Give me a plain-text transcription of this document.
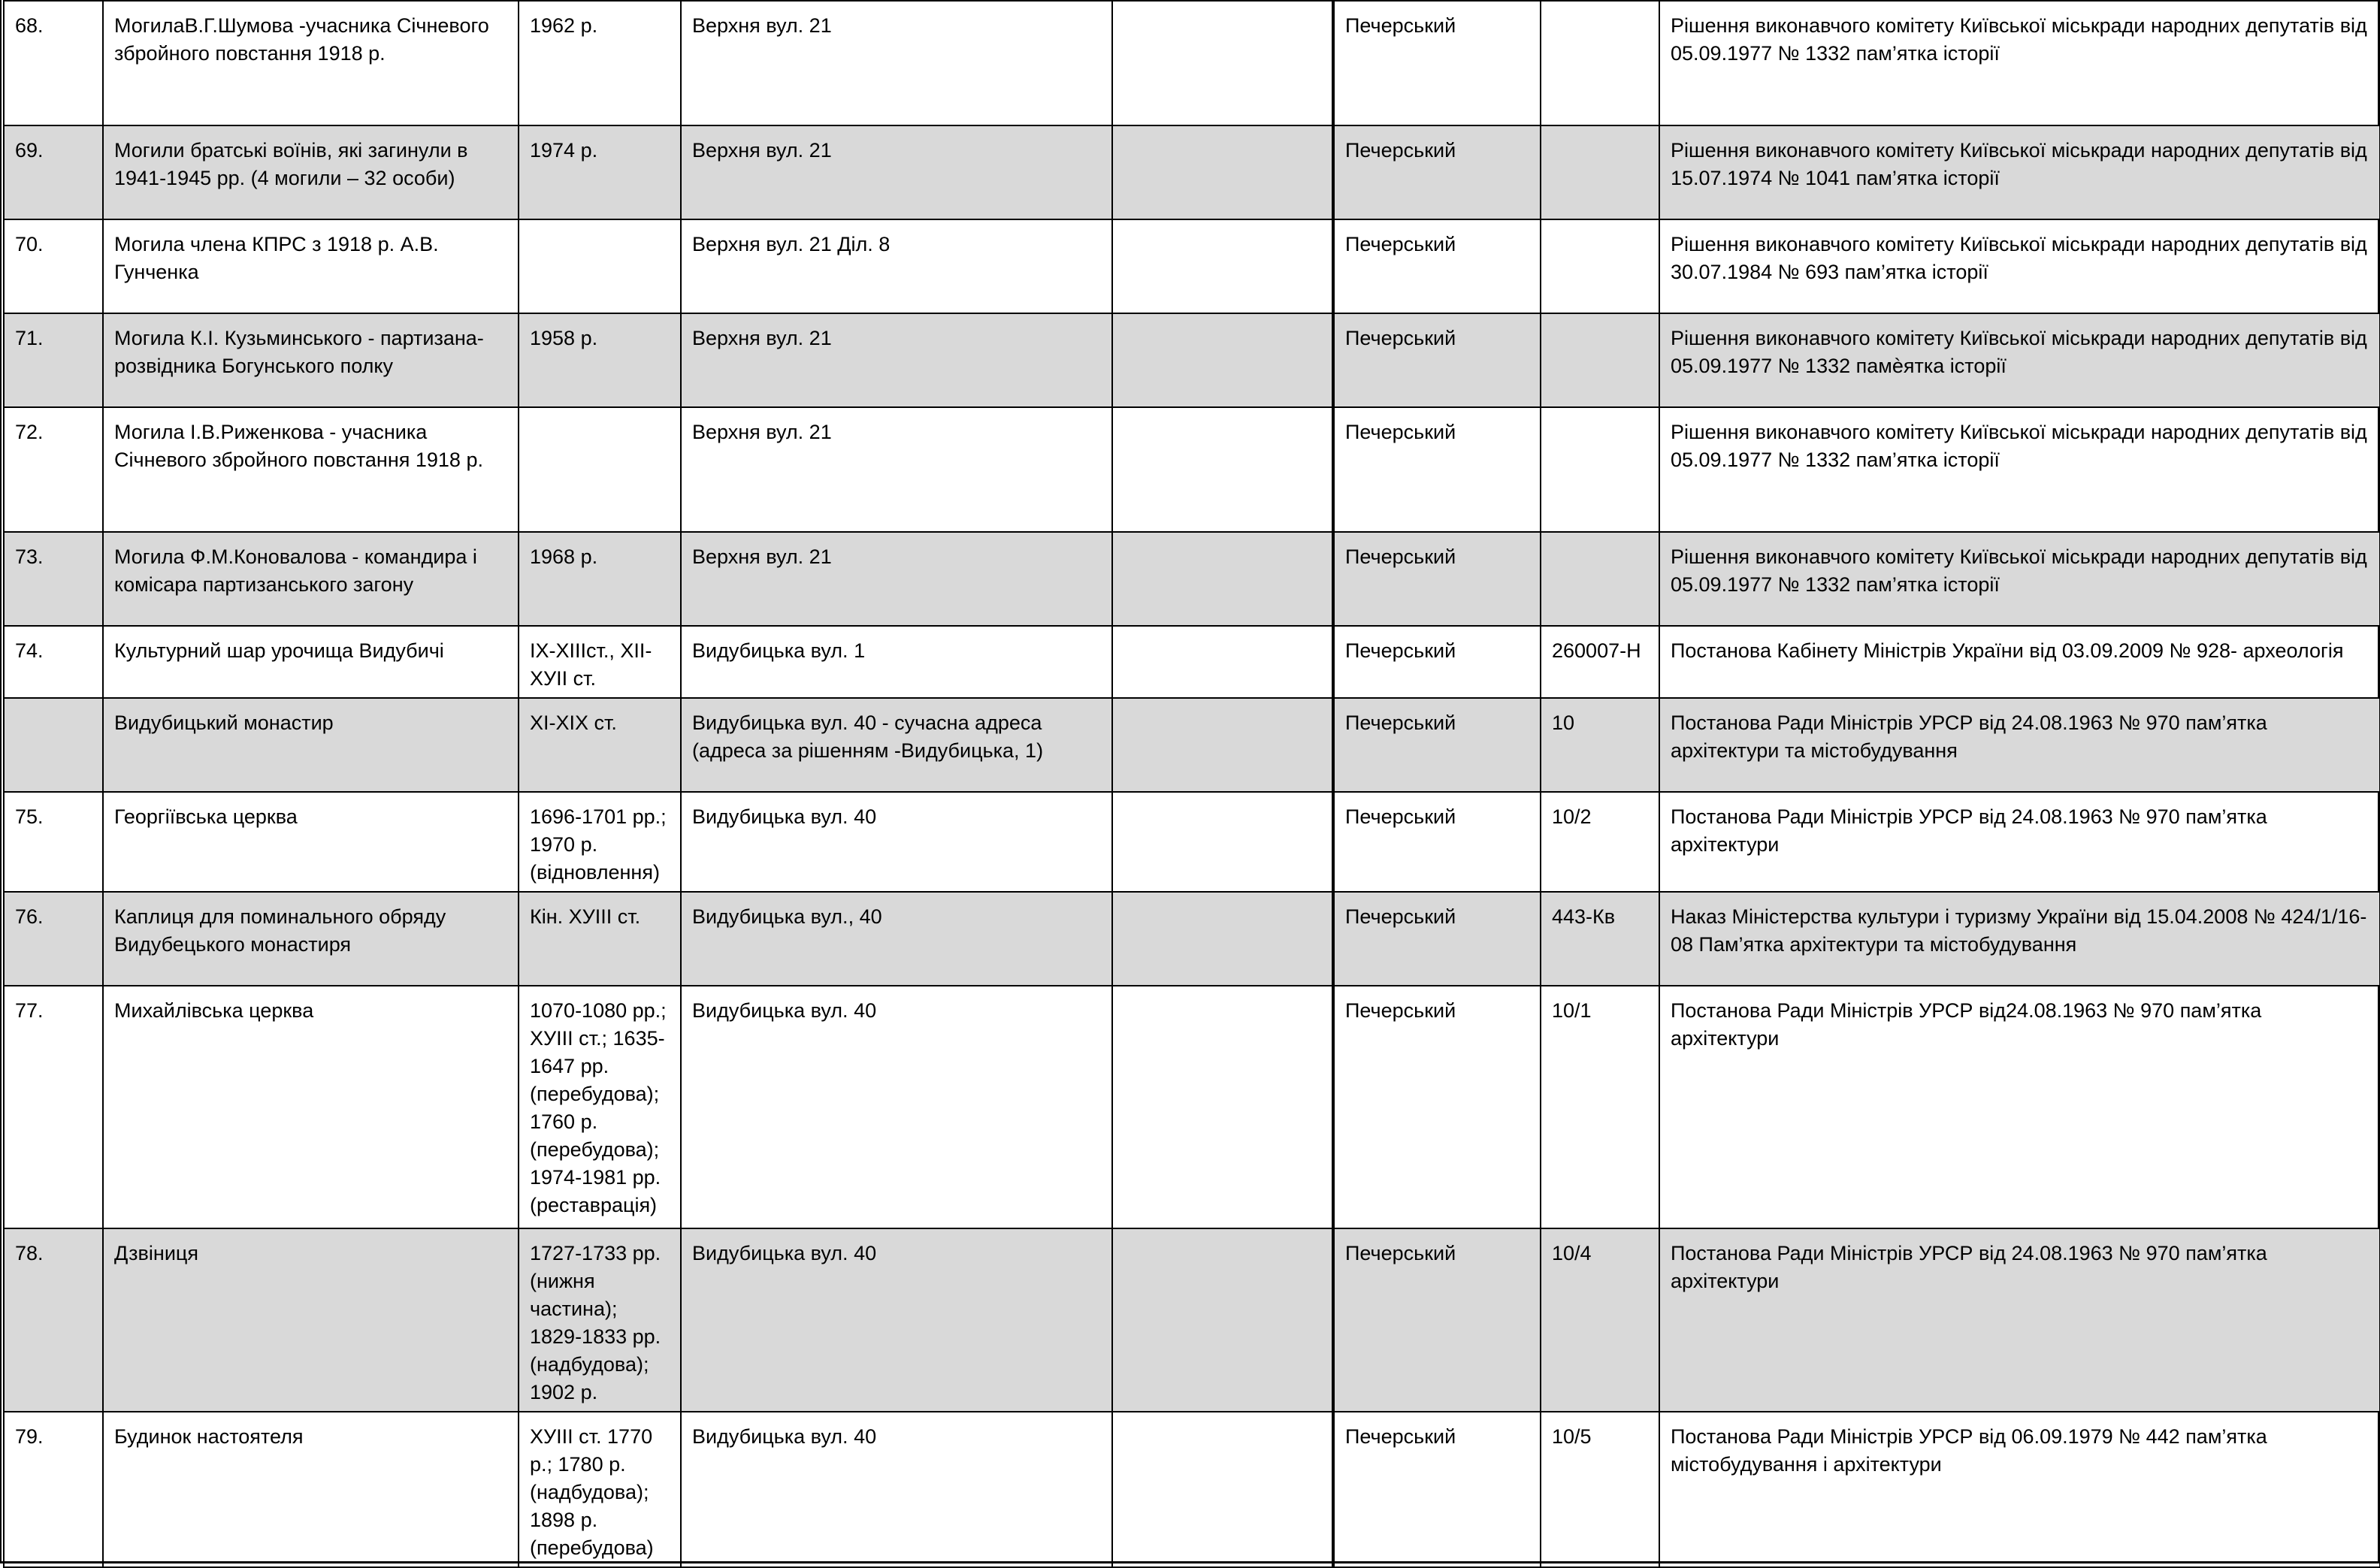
68.	МогилаВ.Г.Шумова -учасника Січневого збройного повстання 1918 р.	1962 р.	Верхня вул. 21		Печерський		Рішення виконавчого комітету Київської міськради народних депутатів від 05.09.1977 № 1332 пам’ятка історії
69.	Могили братські воїнів, які загинули в 1941-1945 рр. (4 могили – 32 особи)	1974 р.	Верхня вул. 21		Печерський		Рішення виконавчого комітету Київської міськради народних депутатів від 15.07.1974 № 1041 пам’ятка історії
70.	Могила члена КПРС з 1918 р. А.В. Гунченка		Верхня вул. 21 Діл. 8		Печерський		Рішення виконавчого комітету Київської міськради народних депутатів від 30.07.1984 № 693 пам’ятка історії
71.	Могила К.І. Кузьминського - партизана-розвідника Богунського полку	1958 р.	Верхня вул. 21		Печерський		Рішення виконавчого комітету Київської міськради народних депутатів від 05.09.1977 № 1332 памѐятка історії
72.	Могила І.В.Риженкова - учасника Січневого збройного повстання 1918 р.		Верхня вул. 21		Печерський		Рішення виконавчого комітету Київської міськради народних депутатів від 05.09.1977 № 1332 пам’ятка історії
73.	Могила Ф.М.Коновалова - командира і комісара партизанського загону	1968 р.	Верхня вул. 21		Печерський		Рішення виконавчого комітету Київської міськради народних депутатів від 05.09.1977 № 1332 пам’ятка історії
74.	Культурний шар урочища Видубичі	ІХ-ХІІІст., ХІІ-ХУІІ ст.	Видубицька вул. 1		Печерський	260007-Н	Постанова Кабінету Міністрів України від 03.09.2009 № 928- археологія
	Видубицький монастир	ХІ-ХІХ ст.	Видубицька вул. 40 - сучасна адреса (адреса за рішенням -Видубицька, 1)		Печерський	10	Постанова Ради Міністрів УРСР від 24.08.1963 № 970 пам’ятка архітектури та містобудування
75.	Георгіївська церква	1696-1701 рр.; 1970 р. (відновлення)	Видубицька вул. 40		Печерський	10/2	Постанова Ради Міністрів УРСР від 24.08.1963 № 970 пам’ятка архітектури
76.	Каплиця для поминального обряду Видубецького монастиря	Кін. ХУІІІ ст.	Видубицька вул., 40		Печерський	443-Кв	Наказ Міністерства культури і туризму України від 15.04.2008 № 424/1/16-08 Пам’ятка архітектури та містобудування
77.	Михайлівська церква	1070-1080 рр.; ХУІІІ ст.; 1635-1647 рр. (перебудова); 1760 р. (перебудова); 1974-1981 рр. (реставрація)	Видубицька вул. 40		Печерський	10/1	Постанова Ради Міністрів УРСР від24.08.1963 № 970 пам’ятка архітектури
78.	Дзвіниця	1727-1733 рр. (нижня частина); 1829-1833 рр. (надбудова); 1902 р.	Видубицька вул. 40		Печерський	10/4	Постанова Ради Міністрів УРСР від 24.08.1963 № 970 пам’ятка архітектури
79.	Будинок настоятеля	ХУІІІ ст. 1770 р.; 1780 р. (надбудова); 1898 р. (перебудова)	Видубицька вул. 40		Печерський	10/5	Постанова Ради Міністрів УРСР від 06.09.1979 № 442 пам’ятка містобудування і архітектури
